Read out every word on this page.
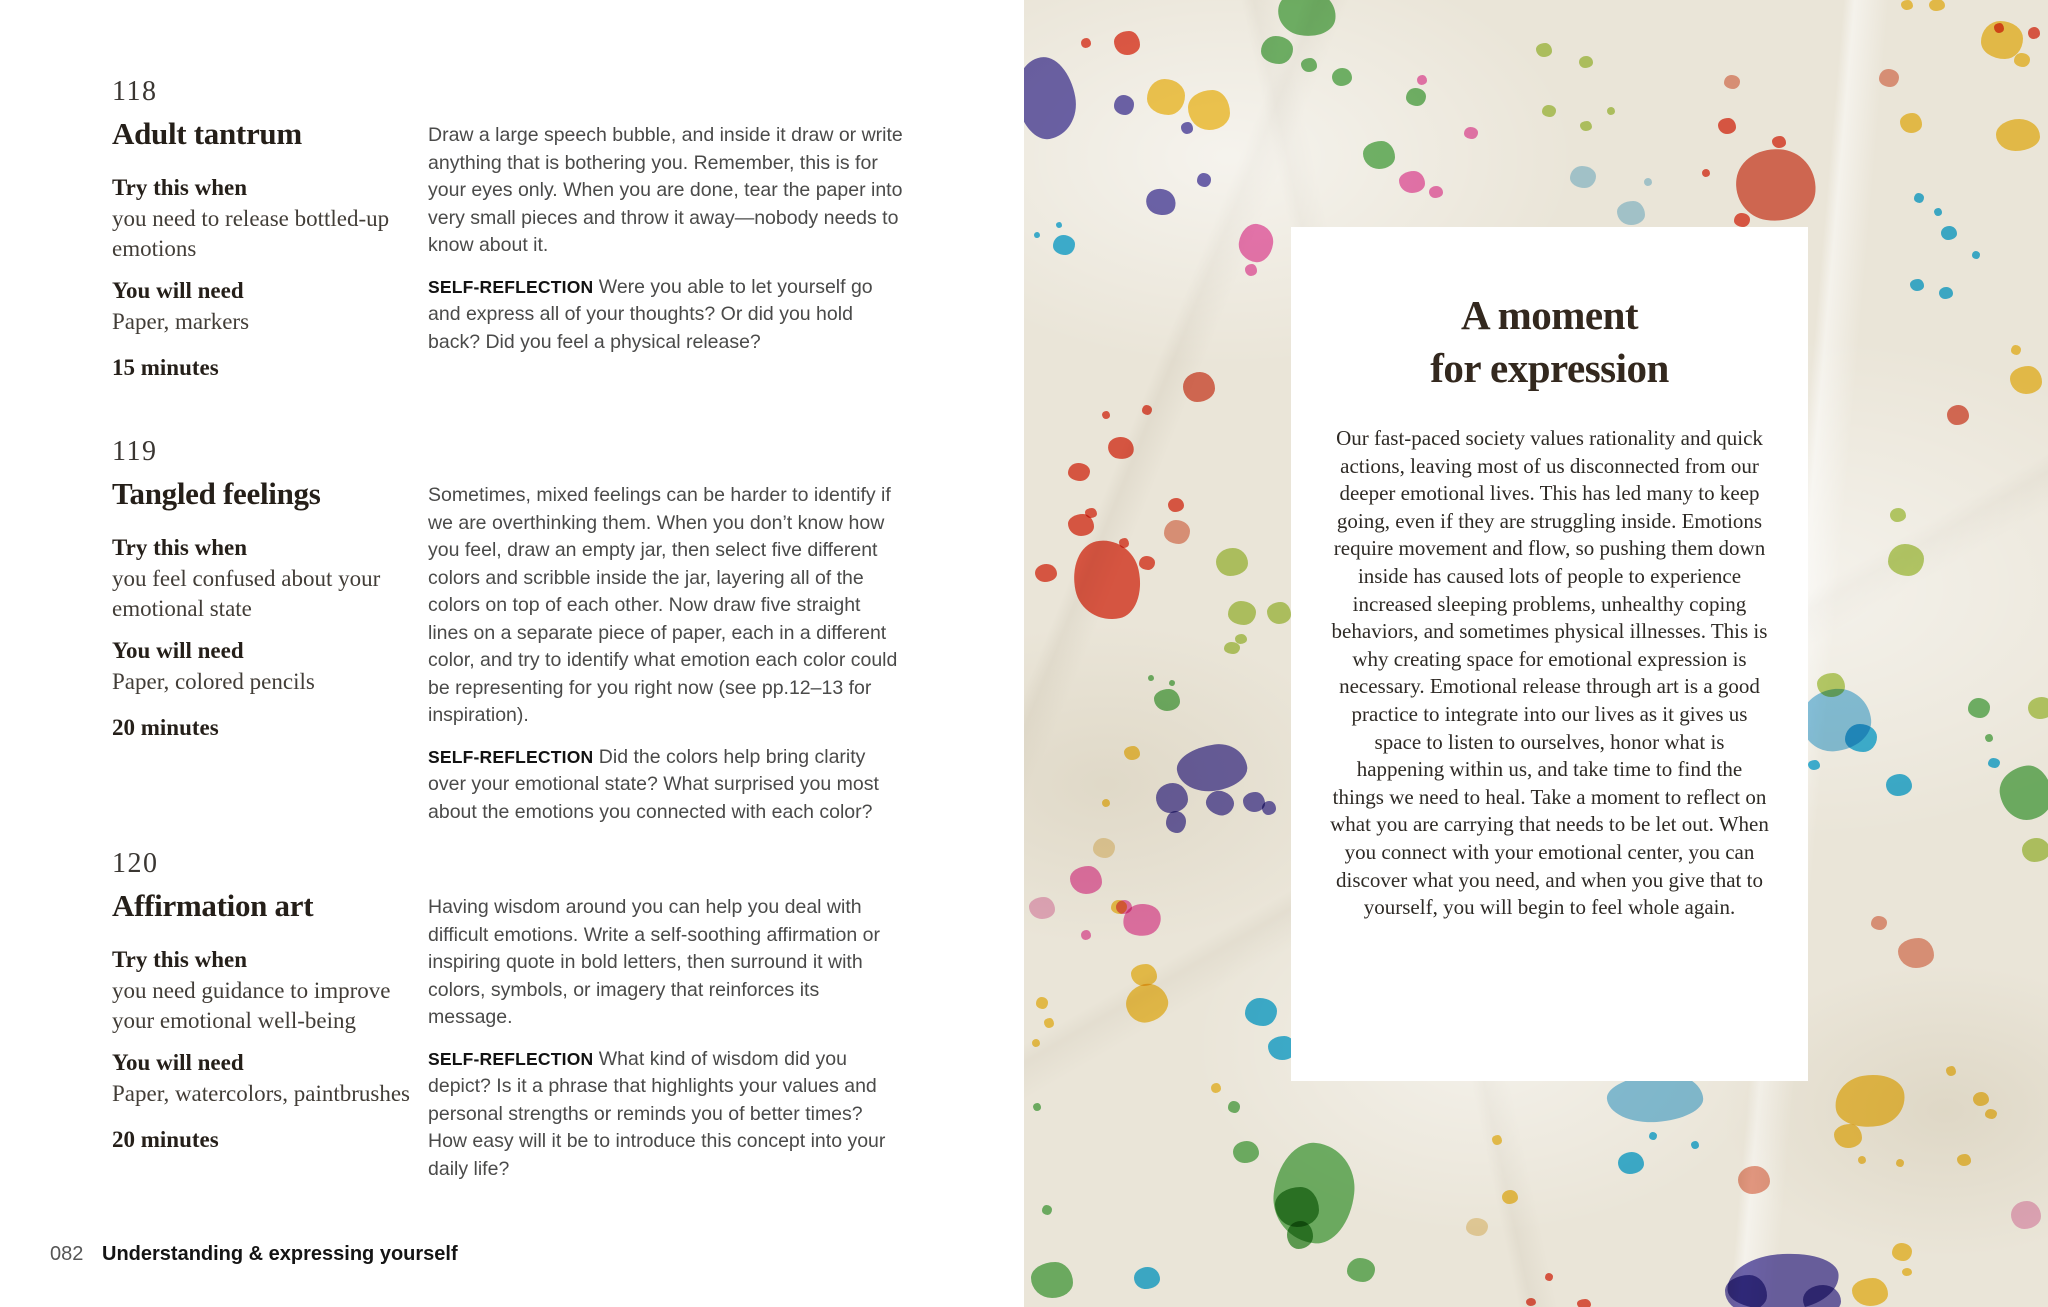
118
Adult tantrum
Try this when
you need to release bottled-up emotions
You will need
Paper, markers
15 minutes

Draw a large speech bubble, and inside it draw or write anything that is bothering you. Remember, this is for your eyes only. When you are done, tear the paper into very small pieces and throw it away—nobody needs to know about it.

SELF-REFLECTION Were you able to let yourself go and express all of your thoughts? Or did you hold back? Did you feel a physical release?

119
Tangled feelings
Try this when
you feel confused about your emotional state
You will need
Paper, colored pencils
20 minutes

Sometimes, mixed feelings can be harder to identify if we are overthinking them. When you don’t know how you feel, draw an empty jar, then select five different colors and scribble inside the jar, layering all of the colors on top of each other. Now draw five straight lines on a separate piece of paper, each in a different color, and try to identify what emotion each color could be representing for you right now (see pp.12–13 for inspiration).

SELF-REFLECTION Did the colors help bring clarity over your emotional state? What surprised you most about the emotions you connected with each color?

120
Affirmation art
Try this when
you need guidance to improve your emotional well-being
You will need
Paper, watercolors, paintbrushes
20 minutes

Having wisdom around you can help you deal with difficult emotions. Write a self-soothing affirmation or inspiring quote in bold letters, then surround it with colors, symbols, or imagery that reinforces its message.

SELF-REFLECTION What kind of wisdom did you depict? Is it a phrase that highlights your values and personal strengths or reminds you of better times? How easy will it be to introduce this concept into your daily life?

082 Understanding & expressing yourself
A moment
for expression

Our fast-paced society values rationality and quick actions, leaving most of us disconnected from our deeper emotional lives. This has led many to keep going, even if they are struggling inside. Emotions require movement and flow, so pushing them down inside has caused lots of people to experience increased sleeping problems, unhealthy coping behaviors, and sometimes physical illnesses. This is why creating space for emotional expression is necessary. Emotional release through art is a good practice to integrate into our lives as it gives us space to listen to ourselves, honor what is happening within us, and take time to find the things we need to heal. Take a moment to reflect on what you are carrying that needs to be let out. When you connect with your emotional center, you can discover what you need, and when you give that to yourself, you will begin to feel whole again.
